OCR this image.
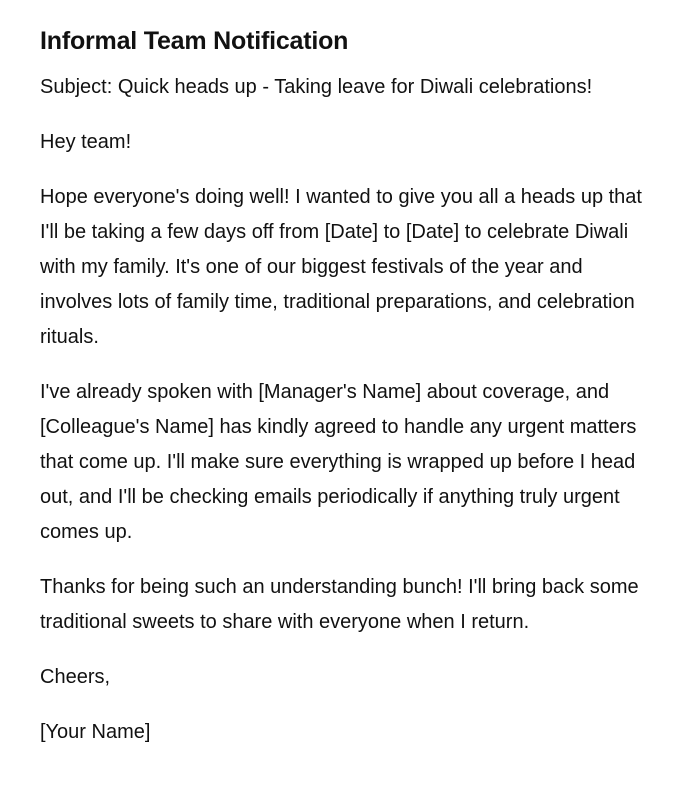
Informal Team Notification

Subject: Quick heads up - Taking leave for Diwali celebrations!

Hey team!

Hope everyone's doing well! I wanted to give you all a heads up that I'll be taking a few days off from [Date] to [Date] to celebrate Diwali with my family. It's one of our biggest festivals of the year and involves lots of family time, traditional preparations, and celebration rituals.

I've already spoken with [Manager's Name] about coverage, and [Colleague's Name] has kindly agreed to handle any urgent matters that come up. I'll make sure everything is wrapped up before I head out, and I'll be checking emails periodically if anything truly urgent comes up.

Thanks for being such an understanding bunch! I'll bring back some traditional sweets to share with everyone when I return.

Cheers,

[Your Name]
